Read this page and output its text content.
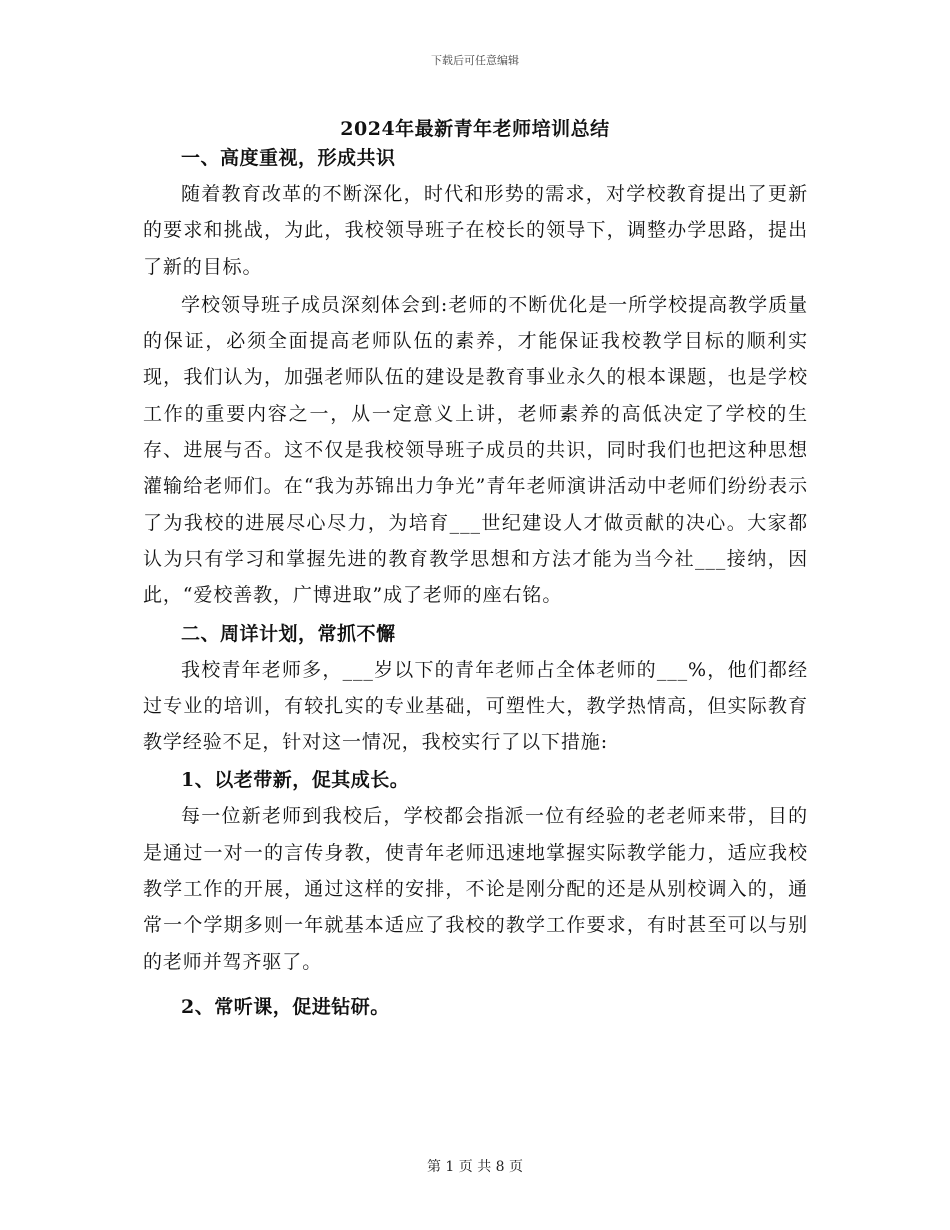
下载后可任意编辑
2024年最新青年老师培训总结

一、高度重视，形成共识

随着教育改革的不断深化，时代和形势的需求，对学校教育提出了更新的要求和挑战，为此，我校领导班子在校长的领导下，调整办学思路，提出了新的目标。

学校领导班子成员深刻体会到:老师的不断优化是一所学校提高教学质量的保证，必须全面提高老师队伍的素养，才能保证我校教学目标的顺利实现，我们认为，加强老师队伍的建设是教育事业永久的根本课题，也是学校工作的重要内容之一，从一定意义上讲，老师素养的高低决定了学校的生存、进展与否。这不仅是我校领导班子成员的共识，同时我们也把这种思想灌输给老师们。在“我为苏锦出力争光”青年老师演讲活动中老师们纷纷表示了为我校的进展尽心尽力，为培育___世纪建设人才做贡献的决心。大家都认为只有学习和掌握先进的教育教学思想和方法才能为当今社___接纳，因此，“爱校善教，广博进取”成了老师的座右铭。

二、周详计划，常抓不懈

我校青年老师多，___岁以下的青年老师占全体老师的___%，他们都经过专业的培训，有较扎实的专业基础，可塑性大，教学热情高，但实际教育教学经验不足，针对这一情况，我校实行了以下措施:

1、以老带新，促其成长。

每一位新老师到我校后，学校都会指派一位有经验的老老师来带，目的是通过一对一的言传身教，使青年老师迅速地掌握实际教学能力，适应我校教学工作的开展，通过这样的安排，不论是刚分配的还是从别校调入的，通常一个学期多则一年就基本适应了我校的教学工作要求，有时甚至可以与别的老师并驾齐驱了。

2、常听课，促进钻研。

第 1 页 共 8 页
